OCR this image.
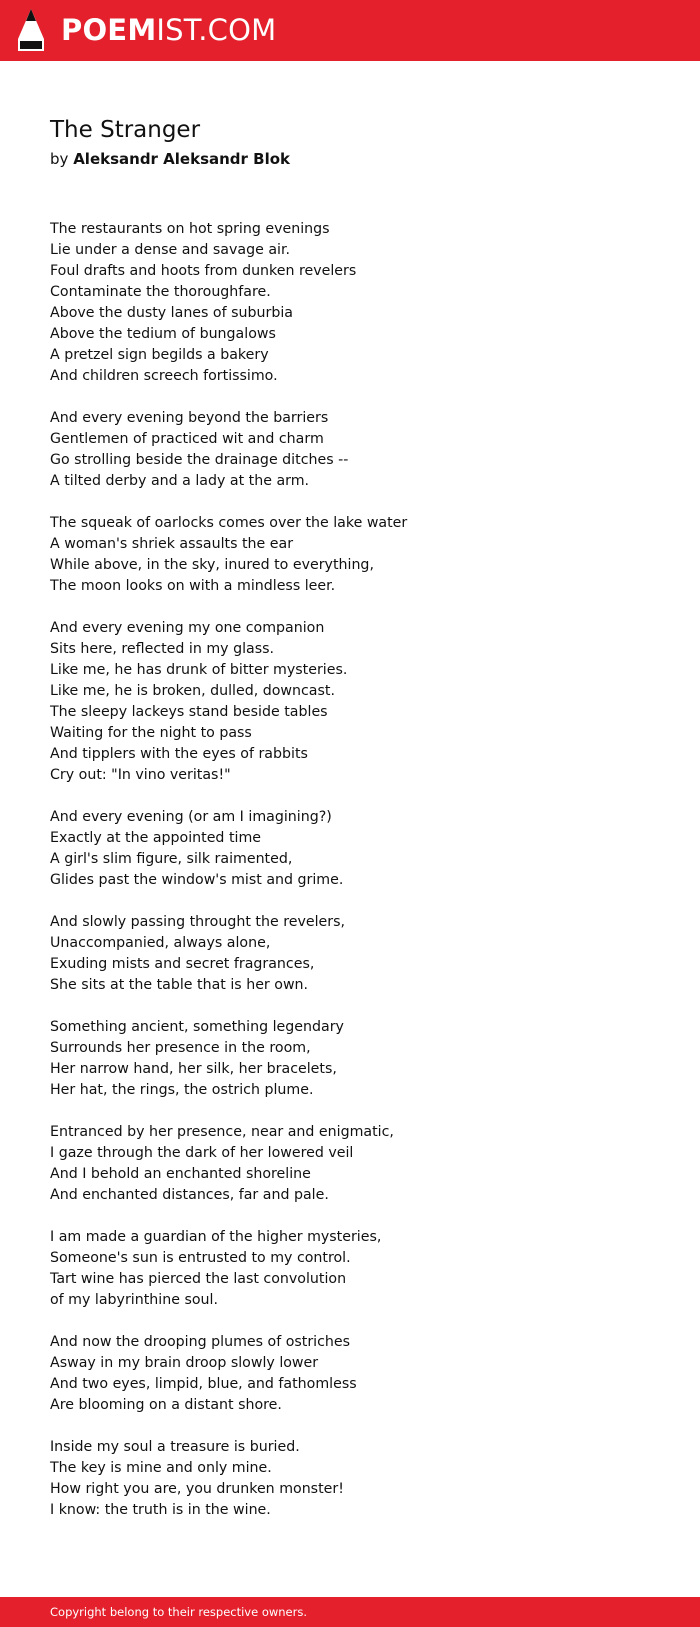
POEMIST.COM
The Stranger
by Aleksandr Aleksandr Blok
The restaurants on hot spring evenings
Lie under a dense and savage air.
Foul drafts and hoots from dunken revelers
Contaminate the thoroughfare.
Above the dusty lanes of suburbia
Above the tedium of bungalows
A pretzel sign begilds a bakery
And children screech fortissimo.
And every evening beyond the barriers
Gentlemen of practiced wit and charm
Go strolling beside the drainage ditches --
A tilted derby and a lady at the arm.
The squeak of oarlocks comes over the lake water
A woman's shriek assaults the ear
While above, in the sky, inured to everything,
The moon looks on with a mindless leer.
And every evening my one companion
Sits here, reflected in my glass.
Like me, he has drunk of bitter mysteries.
Like me, he is broken, dulled, downcast.
The sleepy lackeys stand beside tables
Waiting for the night to pass
And tipplers with the eyes of rabbits
Cry out: "In vino veritas!"
And every evening (or am I imagining?)
Exactly at the appointed time
A girl's slim figure, silk raimented,
Glides past the window's mist and grime.
And slowly passing throught the revelers,
Unaccompanied, always alone,
Exuding mists and secret fragrances,
She sits at the table that is her own.
Something ancient, something legendary
Surrounds her presence in the room,
Her narrow hand, her silk, her bracelets,
Her hat, the rings, the ostrich plume.
Entranced by her presence, near and enigmatic,
I gaze through the dark of her lowered veil
And I behold an enchanted shoreline
And enchanted distances, far and pale.
I am made a guardian of the higher mysteries,
Someone's sun is entrusted to my control.
Tart wine has pierced the last convolution
of my labyrinthine soul.
And now the drooping plumes of ostriches
Asway in my brain droop slowly lower
And two eyes, limpid, blue, and fathomless
Are blooming on a distant shore.
Inside my soul a treasure is buried.
The key is mine and only mine.
How right you are, you drunken monster!
I know: the truth is in the wine.
Copyright belong to their respective owners.
